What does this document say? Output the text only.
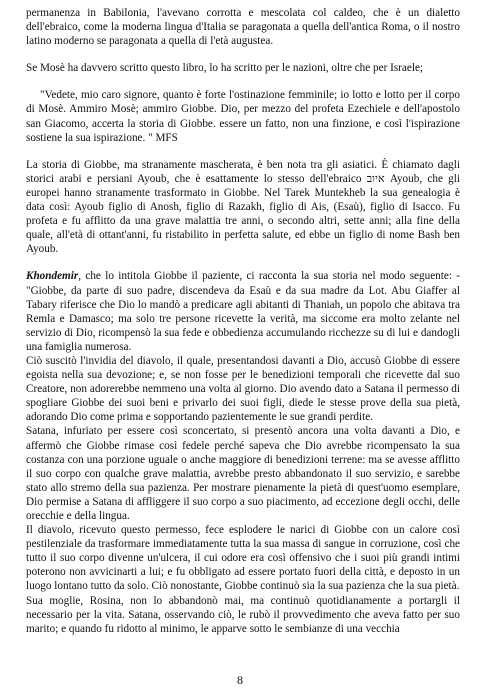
permanenza in Babilonia, l'avevano corrotta e mescolata col caldeo, che è un dialetto dell'ebraico, come la moderna lingua d'Italia se paragonata a quella dell'antica Roma, o il nostro latino moderno se paragonata a quella di l'età augustea.

Se Mosè ha davvero scritto questo libro, lo ha scritto per le nazioni, oltre che per Israele;

"Vedete, mio caro signore, quanto è forte l'ostinazione femminile; io lotto e lotto per il corpo di Mosè. Ammiro Mosè; ammiro Giobbe. Dio, per mezzo del profeta Ezechiele e dell'apostolo san Giacomo, accerta la storia di Giobbe. essere un fatto, non una finzione, e così l'ispirazione sostiene la sua ispirazione. " MFS

La storia di Giobbe, ma stranamente mascherata, è ben nota tra gli asiatici. È chiamato dagli storici arabi e persiani Ayoub, che è esattamente lo stesso dell'ebraico איוב Ayoub, che gli europei hanno stranamente trasformato in Giobbe. Nel Tarek Muntekheb la sua genealogia è data così: Ayoub figlio di Anosh, figlio di Razakh, figlio di Ais, (Esaù), figlio di Isacco. Fu profeta e fu afflitto da una grave malattia tre anni, o secondo altri, sette anni; alla fine della quale, all'età di ottant'anni, fu ristabilito in perfetta salute, ed ebbe un figlio di nome Bash ben Ayoub.

Khondemir, che lo intitola Giobbe il paziente, ci racconta la sua storia nel modo seguente: - "Giobbe, da parte di suo padre, discendeva da Esaù e da sua madre da Lot. Abu Giaffer al Tabary riferisce che Dio lo mandò a predicare agli abitanti di Thaniah, un popolo che abitava tra Remla e Damasco; ma solo tre persone ricevette la verità, ma siccome era molto zelante nel servizio di Dio, ricompensò la sua fede e obbedienza accumulando ricchezze su di lui e dandogli una famiglia numerosa.

Ciò suscitò l'invidia del diavolo, il quale, presentandosi davanti a Dio, accusò Giobbe di essere egoista nella sua devozione; e, se non fosse per le benedizioni temporali che ricevette dal suo Creatore, non adorerebbe nemmeno una volta al giorno. Dio avendo dato a Satana il permesso di spogliare Giobbe dei suoi beni e privarlo dei suoi figli, diede le stesse prove della sua pietà, adorando Dio come prima e sopportando pazientemente le sue grandi perdite.

Satana, infuriato per essere così sconcertato, si presentò ancora una volta davanti a Dio, e affermò che Giobbe rimase così fedele perché sapeva che Dio avrebbe ricompensato la sua costanza con una porzione uguale o anche maggiore di benedizioni terrene: ma se avesse afflitto il suo corpo con qualche grave malattia, avrebbe presto abbandonato il suo servizio, e sarebbe stato allo stremo della sua pazienza. Per mostrare pienamente la pietà di quest'uomo esemplare, Dio permise a Satana di affliggere il suo corpo a suo piacimento, ad eccezione degli occhi, delle orecchie e della lingua.

Il diavolo, ricevuto questo permesso, fece esplodere le narici di Giobbe con un calore così pestilenziale da trasformare immediatamente tutta la sua massa di sangue in corruzione, così che tutto il suo corpo divenne un'ulcera, il cui odore era così offensivo che i suoi più grandi intimi poterono non avvicinarti a lui; e fu obbligato ad essere portato fuori della città, e deposto in un luogo lontano tutto da solo. Ciò nonostante, Giobbe continuò sia la sua pazienza che la sua pietà.

Sua moglie, Rosina, non lo abbandonò mai, ma continuò quotidianamente a portargli il necessario per la vita. Satana, osservando ciò, le rubò il provvedimento che aveva fatto per suo marito; e quando fu ridotto al minimo, le apparve sotto le sembianze di una vecchia

8
